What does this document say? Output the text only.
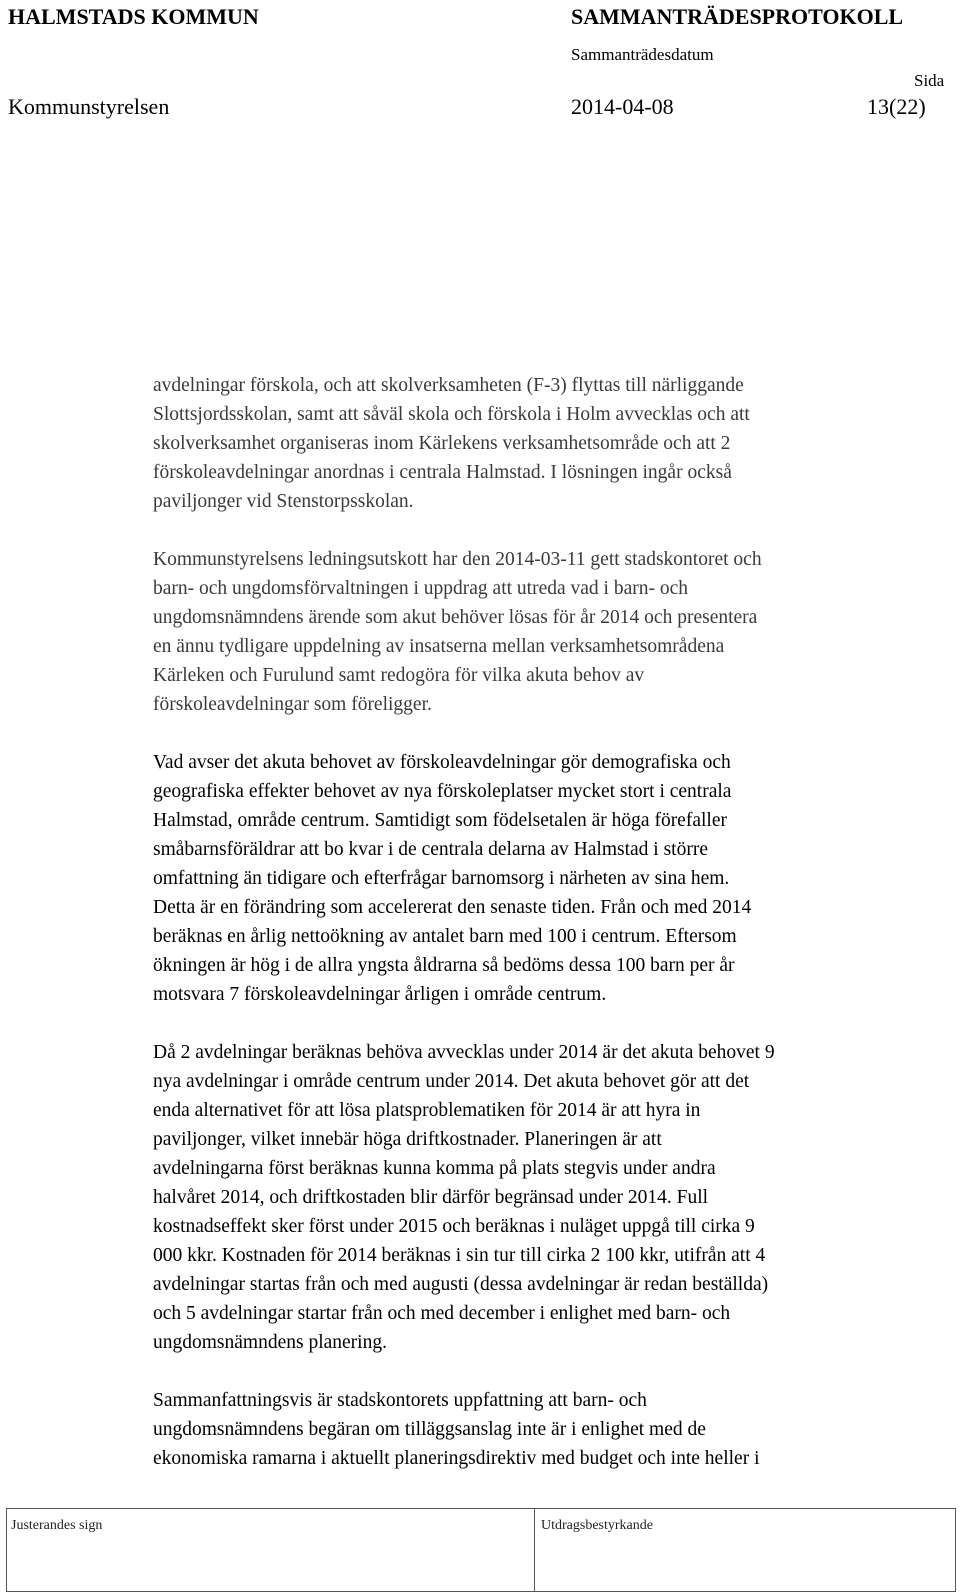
HALMSTADS KOMMUN	SAMMANTRÄDESPROTOKOLL
Sammanträdesdatum
Sida
Kommunstyrelsen	2014-04-08	13(22)
avdelningar förskola, och att skolverksamheten (F-3) flyttas till närliggande
Slottsjordsskolan, samt att såväl skola och förskola i Holm avvecklas och att
skolverksamhet organiseras inom Kärlekens verksamhetsområde och att 2
förskoleavdelningar anordnas i centrala Halmstad. I lösningen ingår också
paviljonger vid Stenstorpsskolan.
Kommunstyrelsens ledningsutskott har den 2014-03-11 gett stadskontoret och
barn- och ungdomsförvaltningen i uppdrag att utreda vad i barn- och
ungdomsnämndens ärende som akut behöver lösas för år 2014 och presentera
en ännu tydligare uppdelning av insatserna mellan verksamhetsområdena
Kärleken och Furulund samt redogöra för vilka akuta behov av
förskoleavdelningar som föreligger.
Vad avser det akuta behovet av förskoleavdelningar gör demografiska och
geografiska effekter behovet av nya förskoleplatser mycket stort i centrala
Halmstad, område centrum. Samtidigt som födelsetalen är höga förefaller
småbarnsföräldrar att bo kvar i de centrala delarna av Halmstad i större
omfattning än tidigare och efterfrågar barnomsorg i närheten av sina hem.
Detta är en förändring som accelererat den senaste tiden. Från och med 2014
beräknas en årlig nettoökning av antalet barn med 100 i centrum. Eftersom
ökningen är hög i de allra yngsta åldrarna så bedöms dessa 100 barn per år
motsvara 7 förskoleavdelningar årligen i område centrum.
Då 2 avdelningar beräknas behöva avvecklas under 2014 är det akuta behovet 9
nya avdelningar i område centrum under 2014. Det akuta behovet gör att det
enda alternativet för att lösa platsproblematiken för 2014 är att hyra in
paviljonger, vilket innebär höga driftkostnader. Planeringen är att
avdelningarna först beräknas kunna komma på plats stegvis under andra
halvåret 2014, och driftkostaden blir därför begränsad under 2014. Full
kostnadseffekt sker först under 2015 och beräknas i nuläget uppgå till cirka 9
000 kkr. Kostnaden för 2014 beräknas i sin tur till cirka 2 100 kkr, utifrån att 4
avdelningar startas från och med augusti (dessa avdelningar är redan beställda)
och 5 avdelningar startar från och med december i enlighet med barn- och
ungdomsnämndens planering.
Sammanfattningsvis är stadskontorets uppfattning att barn- och
ungdomsnämndens begäran om tilläggsanslag inte är i enlighet med de
ekonomiska ramarna i aktuellt planeringsdirektiv med budget och inte heller i
Justerandes sign	Utdragsbestyrkande
